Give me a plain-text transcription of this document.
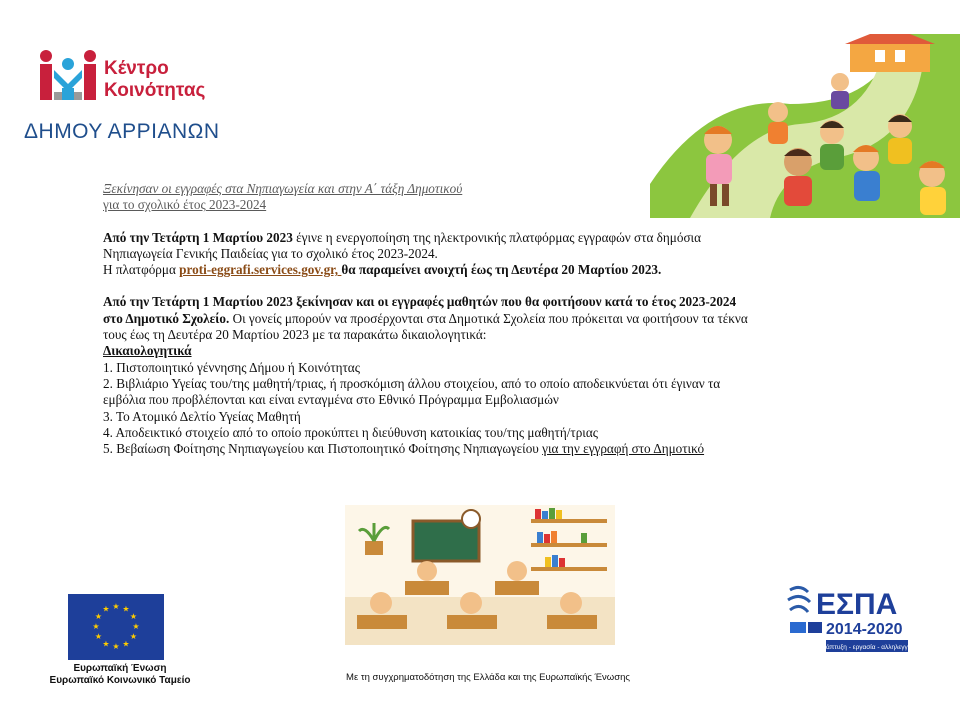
Κέντρο
Κοινότητας
ΔΗΜΟΥ ΑΡΡΙΑΝΩΝ
Ξεκίνησαν οι εγγραφές στα Νηπιαγωγεία και στην Α΄ τάξη Δημοτικού
για το σχολικό έτος 2023-2024
Από την Τετάρτη 1 Μαρτίου 2023 έγινε η ενεργοποίηση της ηλεκτρονικής πλατφόρμας εγγραφών στα δημόσια
Νηπιαγωγεία Γενικής Παιδείας για το σχολικό έτος 2023-2024.
Η πλατφόρμα proti-eggrafi.services.gov.gr, θα παραμείνει ανοιχτή έως τη Δευτέρα 20 Μαρτίου 2023.
Από την Τετάρτη 1 Μαρτίου 2023 ξεκίνησαν και οι εγγραφές μαθητών που θα φοιτήσουν κατά το έτος 2023-2024
στο Δημοτικό Σχολείο. Οι γονείς μπορούν να προσέρχονται στα Δημοτικά Σχολεία που πρόκειται να φοιτήσουν τα τέκνα
τους έως τη Δευτέρα 20 Μαρτίου 2023 με τα παρακάτω δικαιολογητικά:
Δικαιολογητικά
1. Πιστοποιητικό γέννησης Δήμου ή Κοινότητας
2. Βιβλιάριο Υγείας του/της μαθητή/τριας, ή προσκόμιση άλλου στοιχείου, από το οποίο αποδεικνύεται ότι έγιναν τα
εμβόλια που προβλέπονται και είναι ενταγμένα στο Εθνικό Πρόγραμμα Εμβολιασμών
3. Το Ατομικό Δελτίο Υγείας Μαθητή
4. Αποδεικτικό στοιχείο από το οποίο προκύπτει η διεύθυνση κατοικίας του/της μαθητή/τριας
5. Βεβαίωση Φοίτησης Νηπιαγωγείου και Πιστοποιητικό Φοίτησης Νηπιαγωγείου για την εγγραφή στο Δημοτικό
★ ★
★
★
★
★
★
★
★
★
★
★
Ευρωπαϊκή Ένωση
Ευρωπαϊκό Κοινωνικό Ταμείο	Με τη συγχρηματοδότηση της Ελλάδα και της Ευρωπαϊκής Ένωσης
ΕΣΠΑ
2014-2020
ανάπτυξη - εργασία - αλληλεγγύη
